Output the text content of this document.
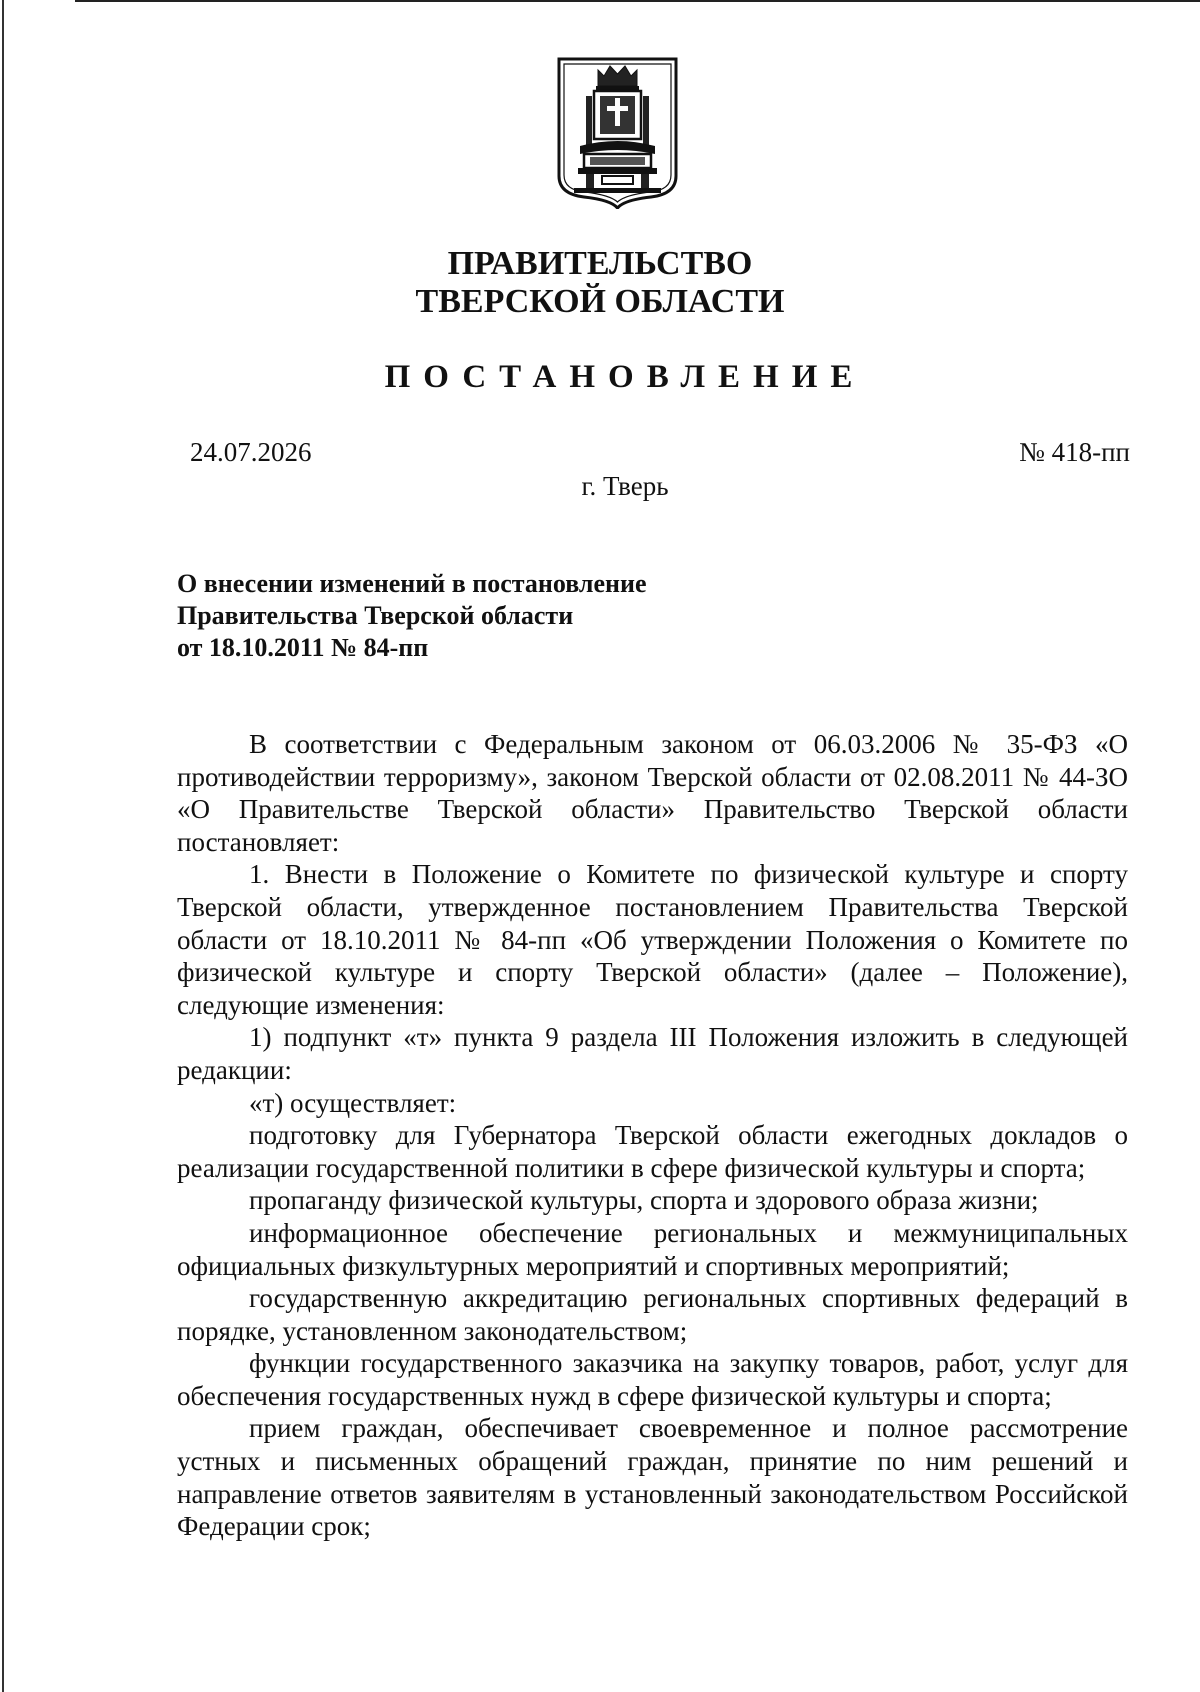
ПРАВИТЕЛЬСТВО
ТВЕРСКОЙ ОБЛАСТИ
ПОСТАНОВЛЕНИЕ
24.07.2026	№ 418-пп
г. Тверь
О внесении изменений в постановление
Правительства Тверской области
от 18.10.2011 № 84-пп

В соответствии с Федеральным законом от 06.03.2006 № 35-ФЗ «О противодействии терроризму», законом Тверской области от 02.08.2011 № 44-ЗО «О Правительстве Тверской области» Правительство Тверской области постановляет:

1. Внести в Положение о Комитете по физической культуре и спорту Тверской области, утвержденное постановлением Правительства Тверской области от 18.10.2011 № 84-пп «Об утверждении Положения о Комитете по физической культуре и спорту Тверской области» (далее – Положение), следующие изменения:

1) подпункт «т» пункта 9 раздела III Положения изложить в следующей редакции:

«т) осуществляет:

подготовку для Губернатора Тверской области ежегодных докладов о реализации государственной политики в сфере физической культуры и спорта;

пропаганду физической культуры, спорта и здорового образа жизни;

информационное обеспечение региональных и межмуниципальных официальных физкультурных мероприятий и спортивных мероприятий;

государственную аккредитацию региональных спортивных федераций в порядке, установленном законодательством;

функции государственного заказчика на закупку товаров, работ, услуг для обеспечения государственных нужд в сфере физической культуры и спорта;

прием граждан, обеспечивает своевременное и полное рассмотрение устных и письменных обращений граждан, принятие по ним решений и направление ответов заявителям в установленный законодательством Российской Федерации срок;
